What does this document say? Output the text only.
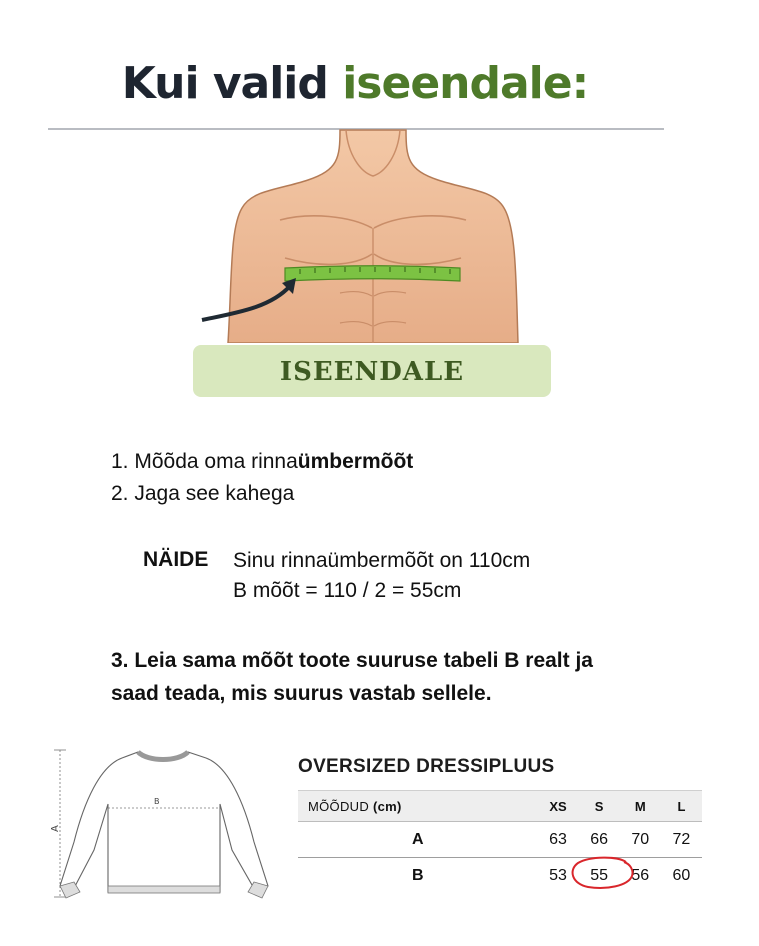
Kui valid iseendale:
ISEENDALE
1. Mõõda oma rinnaümbermõõt
2. Jaga see kahega
NÄIDE Sinu rinnaümbermõõt on 110cm
B mõõt = 110 / 2 = 55cm
3. Leia sama mõõt toote suuruse tabeli B realt ja
saad teada, mis suurus vastab sellele.
A
B
OVERSIZED DRESSIPLUUS
MÕÕDUD (cm)	XS	S	M	L
A	63	66	70	72
B	53	55	56	60
